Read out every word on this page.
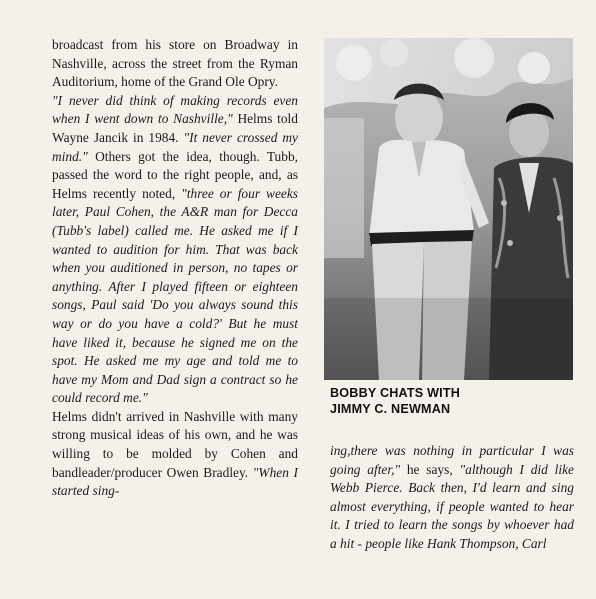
broadcast from his store on Broadway in Nashville, across the street from the Ryman Auditorium, home of the Grand Ole Opry.

"I never did think of making records even when I went down to Nashville," Helms told Wayne Jancik in 1984. "It never crossed my mind." Others got the idea, though. Tubb, passed the word to the right people, and, as Helms recently noted, "three or four weeks later, Paul Cohen, the A&R man for Decca (Tubb's label) called me. He asked me if I wanted to audition for him. That was back when you auditioned in person, no tapes or anything. After I played fifteen or eighteen songs, Paul said 'Do you always sound this way or do you have a cold?' But he must have liked it, because he signed me on the spot. He asked me my age and told me to have my Mom and Dad sign a contract so he could record me."

Helms didn't arrived in Nashville with many strong musical ideas of his own, and he was willing to be molded by Cohen and bandleader/producer Owen Bradley. "When I started sing-

BOBBY CHATS WITH
JIMMY C. NEWMAN

ing,there was nothing in particular I was going after," he says, "although I did like Webb Pierce. Back then, I'd learn and sing almost everything, if people wanted to hear it. I tried to learn the songs by whoever had a hit - people like Hank Thompson, Carl
